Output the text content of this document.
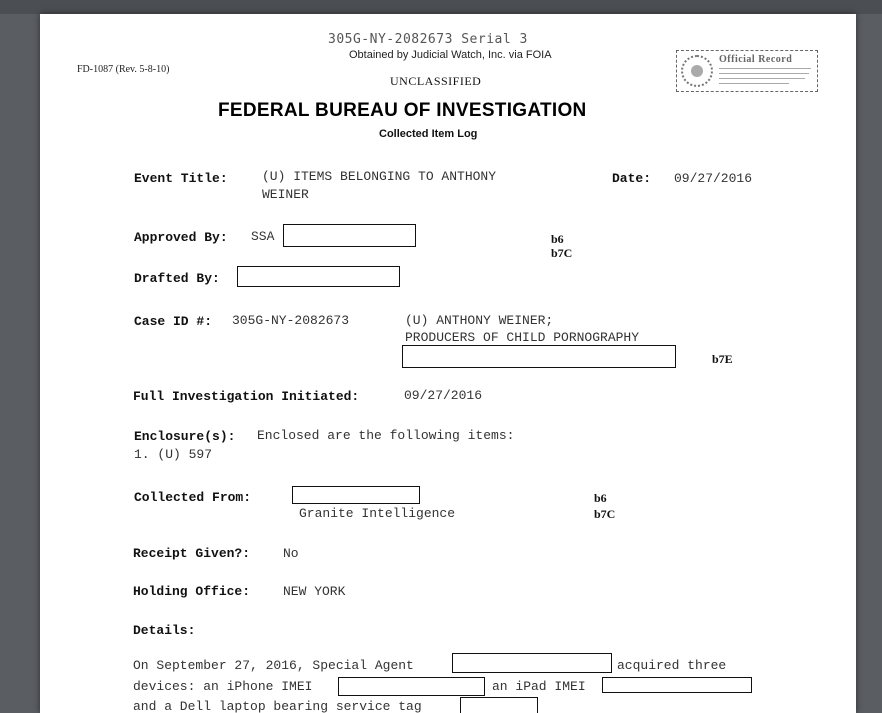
305G-NY-2082673 Serial 3
Obtained by Judicial Watch, Inc. via FOIA
FD-1087 (Rev. 5-8-10)
Official Record
UNCLASSIFIED
FEDERAL BUREAU OF INVESTIGATION
Collected Item Log
Event Title:	(U) ITEMS BELONGING TO ANTHONY
WEINER
Date: 09/27/2016
Approved By: SSA	b6
b7C
Drafted By:
Case ID #: 305G-NY-2082673	(U) ANTHONY WEINER;
PRODUCERS OF CHILD PORNOGRAPHY
b7E
Full Investigation Initiated:	09/27/2016
Enclosure(s): Enclosed are the following items:
1. (U) 597
Collected From:
Granite Intelligence
b6
b7C
Receipt Given?:	No
Holding Office:	NEW YORK
Details:
On September 27, 2016, Special Agent	acquired three
devices: an iPhone IMEI	an iPad IMEI
and a Dell laptop bearing service tag
